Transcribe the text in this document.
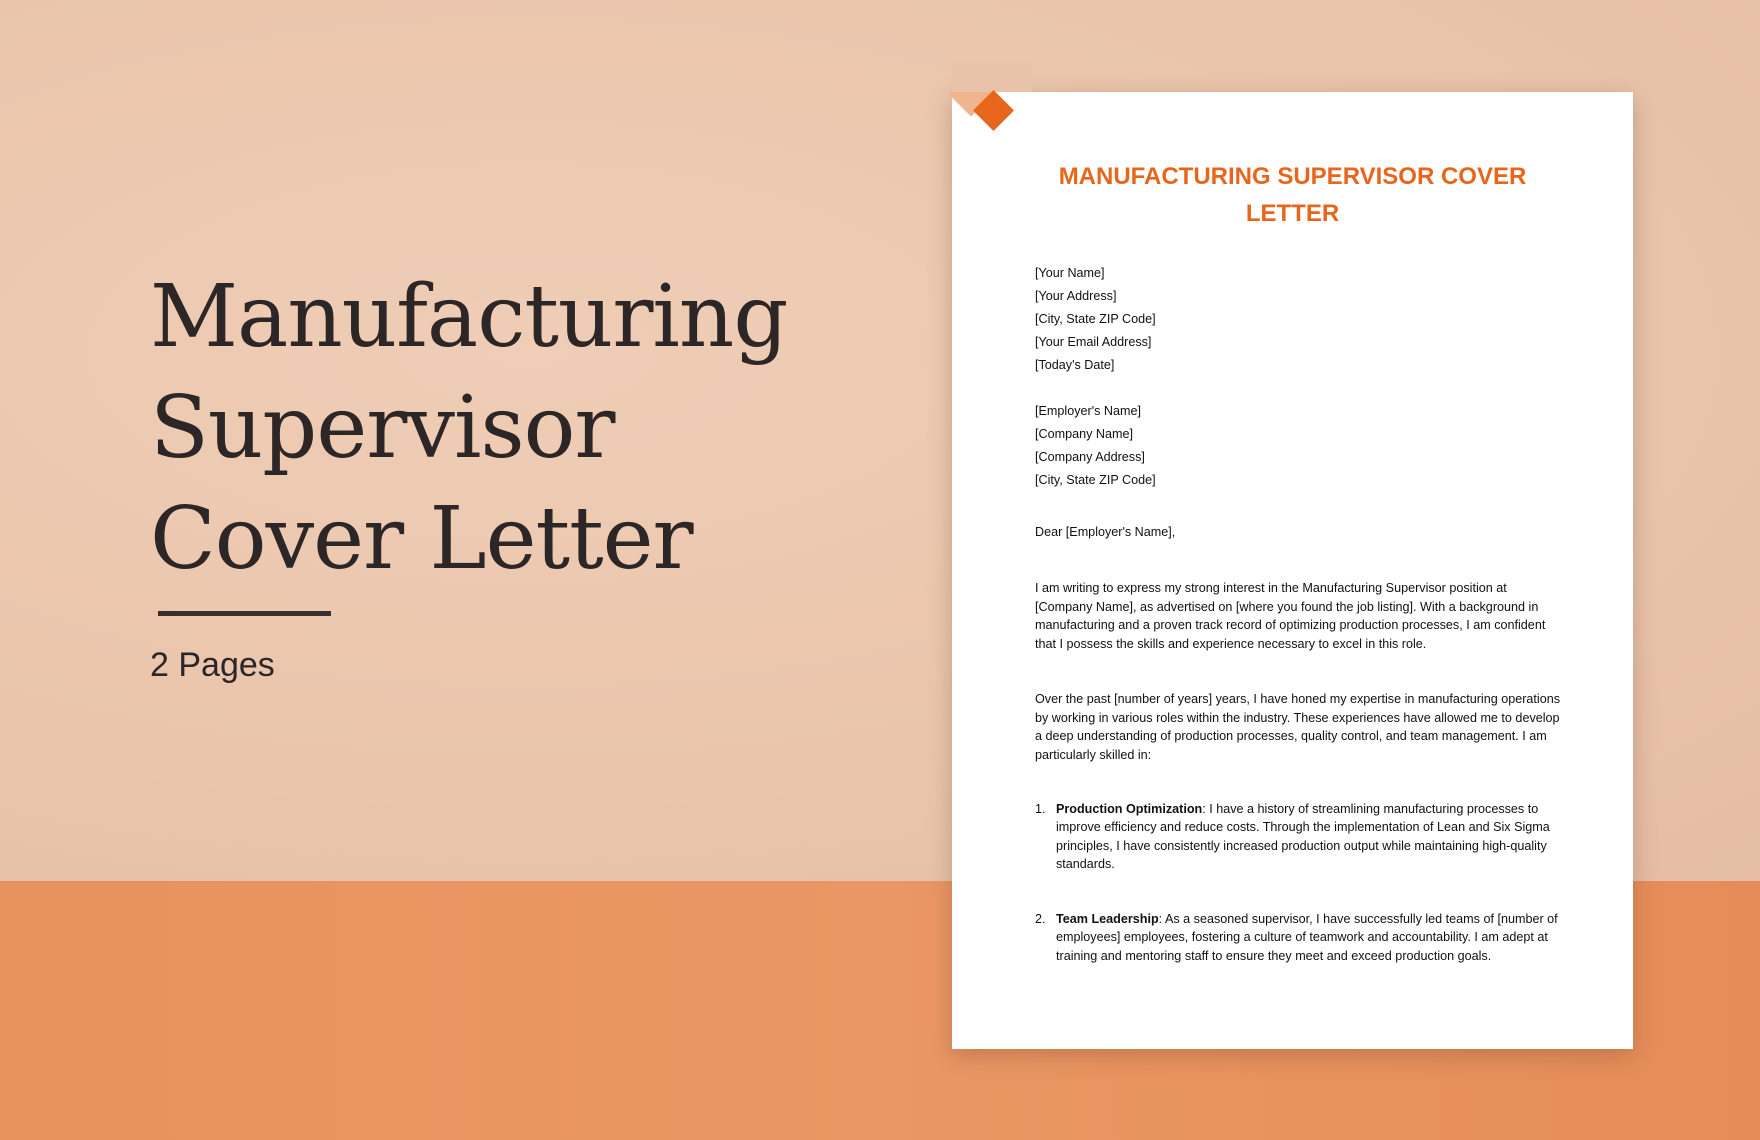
Manufacturing
Supervisor
Cover Letter
2 Pages
MANUFACTURING SUPERVISOR COVER
LETTER
[Your Name]
[Your Address]
[City, State ZIP Code]
[Your Email Address]
[Today's Date]
[Employer's Name]
[Company Name]
[Company Address]
[City, State ZIP Code]
Dear [Employer's Name],
I am writing to express my strong interest in the Manufacturing Supervisor position at [Company Name], as advertised on [where you found the job listing]. With a background in manufacturing and a proven track record of optimizing production processes, I am confident that I possess the skills and experience necessary to excel in this role.
Over the past [number of years] years, I have honed my expertise in manufacturing operations by working in various roles within the industry. These experiences have allowed me to develop a deep understanding of production processes, quality control, and team management. I am particularly skilled in:
1. Production Optimization: I have a history of streamlining manufacturing processes to improve efficiency and reduce costs. Through the implementation of Lean and Six Sigma principles, I have consistently increased production output while maintaining high-quality standards.
2. Team Leadership: As a seasoned supervisor, I have successfully led teams of [number of employees] employees, fostering a culture of teamwork and accountability. I am adept at training and mentoring staff to ensure they meet and exceed production goals.
